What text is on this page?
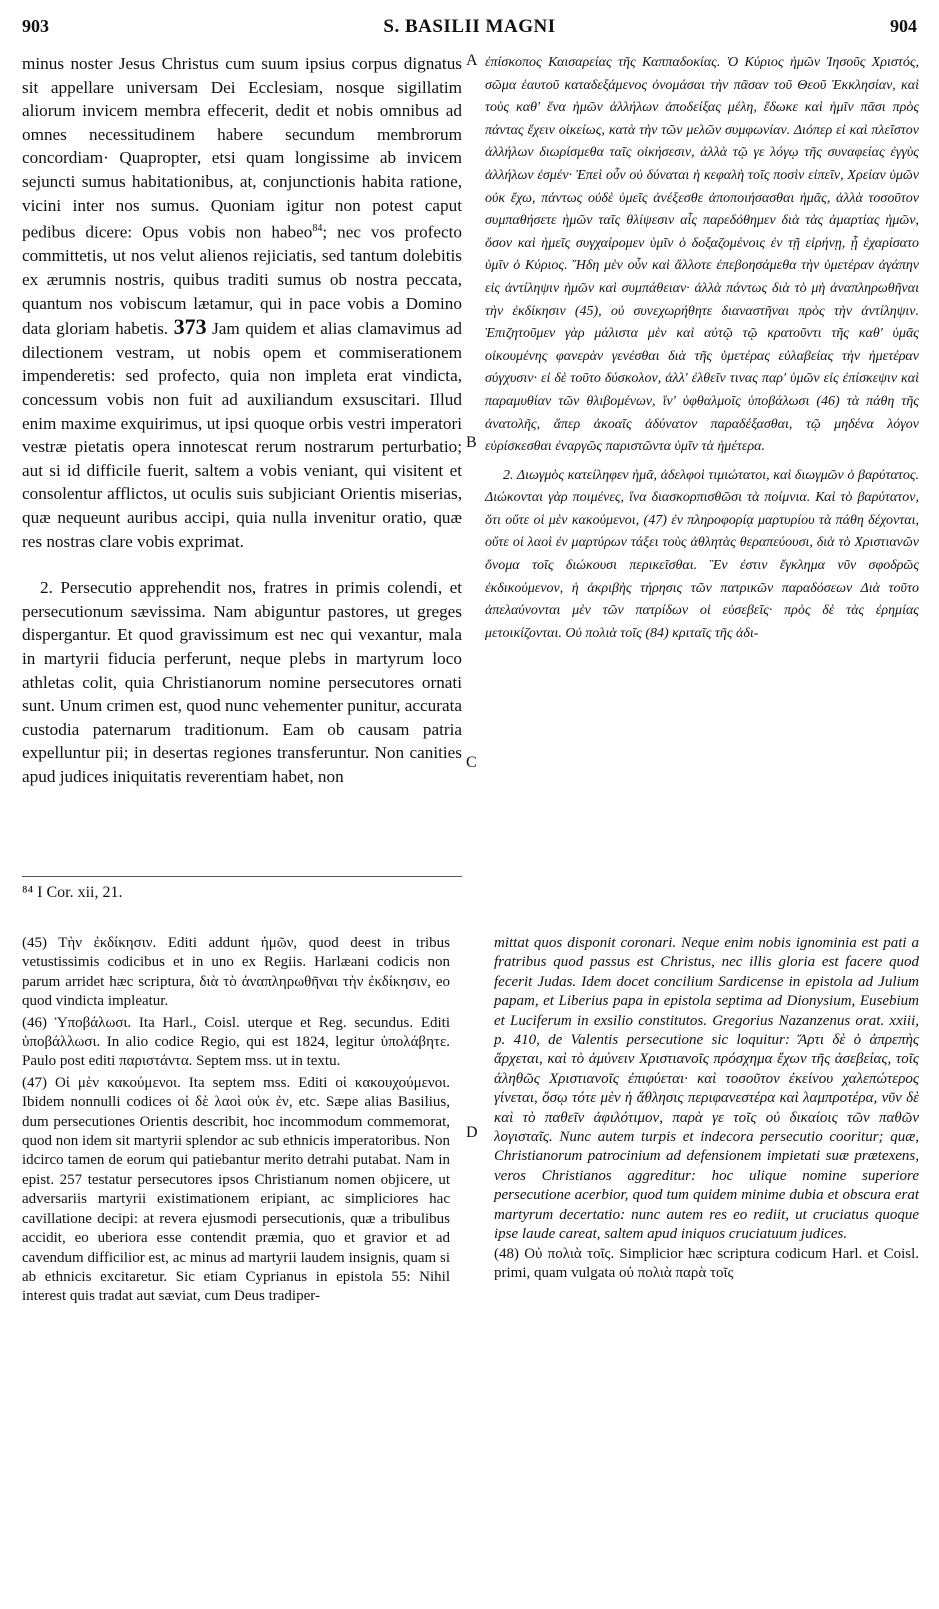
903	S. BASILII MAGNI	904

minus noster Jesus Christus cum suum ipsius corpus dignatus sit appellare universam Dei Ecclesiam, nosque sigillatim aliorum invicem membra effecerit, dedit et nobis omnibus ad omnes necessitudinem habere secundum membrorum concordiam· Quapropter, etsi quam longissime ab invicem sejuncti sumus habitationibus, at, conjunctionis habita ratione, vicini inter nos sumus. Quoniam igitur non potest caput pedibus dicere: Opus vobis non habeo$^{84}$; nec vos profecto committetis, ut nos velut alienos rejiciatis, sed tantum dolebitis ex ærumnis nostris, quibus traditi sumus ob nostra peccata, quantum nos vobiscum lætamur, qui in pace vobis a Domino data gloriam habetis. 373 Jam quidem et alias clamavimus ad dilectionem vestram, ut nobis opem et commiserationem impenderetis: sed profecto, quia non impleta erat vindicta, concessum vobis non fuit ad auxiliandum exsuscitari. Illud enim maxime exquirimus, ut ipsi quoque orbis vestri imperatori vestræ pietatis opera innotescat rerum nostrarum perturbatio; aut si id difficile fuerit, saltem a vobis veniant, qui visitent et consolentur afflictos, ut oculis suis subjiciant Orientis miserias, quæ nequeunt auribus accipi, quia nulla invenitur oratio, quæ res nostras clare vobis exprimat.

2. Persecutio apprehendit nos, fratres in primis colendi, et persecutionum sævissima. Nam abiguntur pastores, ut greges dispergantur. Et quod gravissimum est nec qui vexantur, mala in martyrii fiducia perferunt, neque plebs in martyrum loco athletas colit, quia Christianorum nomine persecutores ornati sunt. Unum crimen est, quod nunc vehementer punitur, accurata custodia paternarum traditionum. Eam ob causam patria expelluntur pii; in desertas regiones transferuntur. Non canities apud judices iniquitatis reverentiam habet, non

A
B
C
D

ἐπίσκοπος Καισαρείας τῆς Καππαδοκίας. Ὁ Κύριος ἡμῶν Ἰησοῦς Χριστός, σῶμα ἑαυτοῦ καταδεξάμενος ὀνομάσαι τὴν πᾶσαν τοῦ Θεοῦ Ἐκκλησίαν, καὶ τοὺς καθ' ἕνα ἡμῶν ἀλλήλων ἀποδείξας μέλη, ἔδωκε καὶ ἡμῖν πᾶσι πρὸς πάντας ἔχειν οἰκείως, κατὰ τὴν τῶν μελῶν συμφωνίαν. Διόπερ εἰ καὶ πλεῖστον ἀλλήλων διωρίσμεθα ταῖς οἰκήσεσιν, ἀλλὰ τῷ γε λόγῳ τῆς συναφείας ἐγγὺς ἀλλήλων ἐσμέν· Ἐπεὶ οὖν οὐ δύναται ἡ κεφαλὴ τοῖς ποσὶν εἰπεῖν, Χρείαν ὑμῶν οὐκ ἔχω, πάντως οὐδὲ ὑμεῖς ἀνέξεσθε ἀποποιήσασθαι ἡμᾶς, ἀλλὰ τοσοῦτον συμπαθήσετε ἡμῶν ταῖς θλίψεσιν αἷς παρεδόθημεν διὰ τὰς ἁμαρτίας ἡμῶν, ὅσον καὶ ἡμεῖς συγχαίρομεν ὑμῖν ὁ δοξαζομένοις ἐν τῇ εἰρήνῃ, ᾗ ἐχαρίσατο ὑμῖν ὁ Κύριος. Ἤδη μὲν οὖν καὶ ἄλλοτε ἐπεβοησάμεθα τὴν ὑμετέραν ἀγάπην εἰς ἀντίληψιν ἡμῶν καὶ συμπάθειαν· ἀλλὰ πάντως διὰ τὸ μὴ ἀναπληρωθῆναι τὴν ἐκδίκησιν (45), οὐ συνεχωρήθητε διαναστῆναι πρὸς τὴν ἀντίληψιν. Ἐπιζητοῦμεν γὰρ μάλιστα μὲν καὶ αὐτῷ τῷ κρατοῦντι τῆς καθ' ὑμᾶς οἰκουμένης φανερὰν γενέσθαι διὰ τῆς ὑμετέρας εὐλαβείας τὴν ἡμετέραν σύγχυσιν· εἰ δὲ τοῦτο δύσκολον, ἀλλ' ἐλθεῖν τινας παρ' ὑμῶν εἰς ἐπίσκεψιν καὶ παραμυθίαν τῶν θλιβομένων, ἵν' ὑφθαλμοῖς ὑποβάλωσι (46) τὰ πάθη τῆς ἀνατολῆς, ἅπερ ἀκοαῖς ἀδύνατον παραδέξασθαι, τῷ μηδένα λόγον εὑρίσκεσθαι ἐναργῶς παριστῶντα ὑμῖν τὰ ἡμέτερα.

2. Διωγμὸς κατείληφεν ἡμᾶ, ἀδελφοὶ τιμιώτατοι, καὶ διωγμῶν ὁ βαρύτατος. Διώκονται γὰρ ποιμένες, ἵνα διασκορπισθῶσι τὰ ποίμνια. Καὶ τὸ βαρύτατον, ὅτι οὔτε οἱ μὲν κακούμενοι, (47) ἐν πληροφορίᾳ μαρτυρίου τὰ πάθη δέχονται, οὔτε οἱ λαοὶ ἐν μαρτύρων τάξει τοὺς ἀθλητὰς θεραπεύουσι, διὰ τὸ Χριστιανῶν ὄνομα τοῖς διώκουσι περικεῖσθαι. Ἓν ἐστιν ἔγκλημα νῦν σφοδρῶς ἐκδικούμενον, ἡ ἀκριβὴς τήρησις τῶν πατρικῶν παραδόσεων Διὰ τοῦτο ἀπελαύνονται μὲν τῶν πατρίδων οἱ εὐσεβεῖς· πρὸς δὲ τὰς ἐρημίας μετοικίζονται. Οὐ πολιὰ τοῖς (84) κριταῖς τῆς ἀδι-

⁸⁴ I Cor. xii, 21.

(45) Τὴν ἐκδίκησιν. Editi addunt ἡμῶν, quod deest in tribus vetustissimis codicibus et in uno ex Regiis. Harlæani codicis non parum arridet hæc scriptura, διὰ τὸ ἀναπληρωθῆναι τὴν ἐκδίκησιν, eo quod vindicta impleatur.

(46) Ὑποβάλωσι. Ita Harl., Coisl. uterque et Reg. secundus. Editi ὑποβάλλωσι. In alio codice Regio, qui est 1824, legitur ὑπολάβητε. Paulo post editi παριστάντα. Septem mss. ut in textu.

(47) Οἱ μὲν κακούμενοι. Ita septem mss. Editi οἱ κακουχούμενοι. Ibidem nonnulli codices οἱ δὲ λαοὶ οὐκ ἐν, etc. Sæpe alias Basilius, dum persecutiones Orientis describit, hoc incommodum commemorat, quod non idem sit martyrii splendor ac sub ethnicis imperatoribus. Non idcirco tamen de eorum qui patiebantur merito detrahi putabat. Nam in epist. 257 testatur persecutores ipsos Christianum nomen objicere, ut adversariis martyrii existimationem eripiant, ac simpliciores hac cavillatione decipi: at revera ejusmodi persecutionis, quæ a tribulibus accidit, eo uberiora esse contendit præmia, quo et gravior et ad cavendum difficilior est, ac minus ad martyrii laudem insignis, quam si ab ethnicis excitaretur. Sic etiam Cyprianus in epistola 55: Nihil interest quis tradat aut sæviat, cum Deus tradiper-

mittat quos disponit coronari. Neque enim nobis ignominia est pati a fratribus quod passus est Christus, nec illis gloria est facere quod fecerit Judas. Idem docet concilium Sardicense in epistola ad Julium papam, et Liberius papa in epistola septima ad Dionysium, Eusebium et Luciferum in exsilio constitutos. Gregorius Nazanzenus orat. xxiii, p. 410, de Valentis persecutione sic loquitur: Ἄρτι δὲ ὁ ἀπρεπὴς ἄρχεται, καὶ τὸ ἀμύνειν Χριστιανοῖς πρόσχημα ἔχων τῆς ἀσεβείας, τοῖς ἀληθῶς Χριστιανοῖς ἐπιφύεται· καὶ τοσοῦτον ἐκείνου χαλεπώτερος γίνεται, ὅσῳ τότε μὲν ἡ ἄθλησις περιφανεστέρα καὶ λαμπροτέρα, νῦν δὲ καὶ τὸ παθεῖν ἀφιλότιμον, παρὰ γε τοῖς οὐ δικαίοις τῶν παθῶν λογισταῖς. Nunc autem turpis et indecora persecutio cooritur; quæ, Christianorum patrocinium ad defensionem impietati suæ prætexens, veros Christianos aggreditur: hoc ulique nomine superiore persecutione acerbior, quod tum quidem minime dubia et obscura erat martyrum decertatio: nunc autem res eo rediit, ut cruciatus quoque ipse laude careat, saltem apud iniquos cruciatuum judices.

(48) Οὐ πολιὰ τοῖς. Simplicior hæc scriptura codicum Harl. et Coisl. primi, quam vulgata οὐ πολιὰ παρὰ τοῖς
